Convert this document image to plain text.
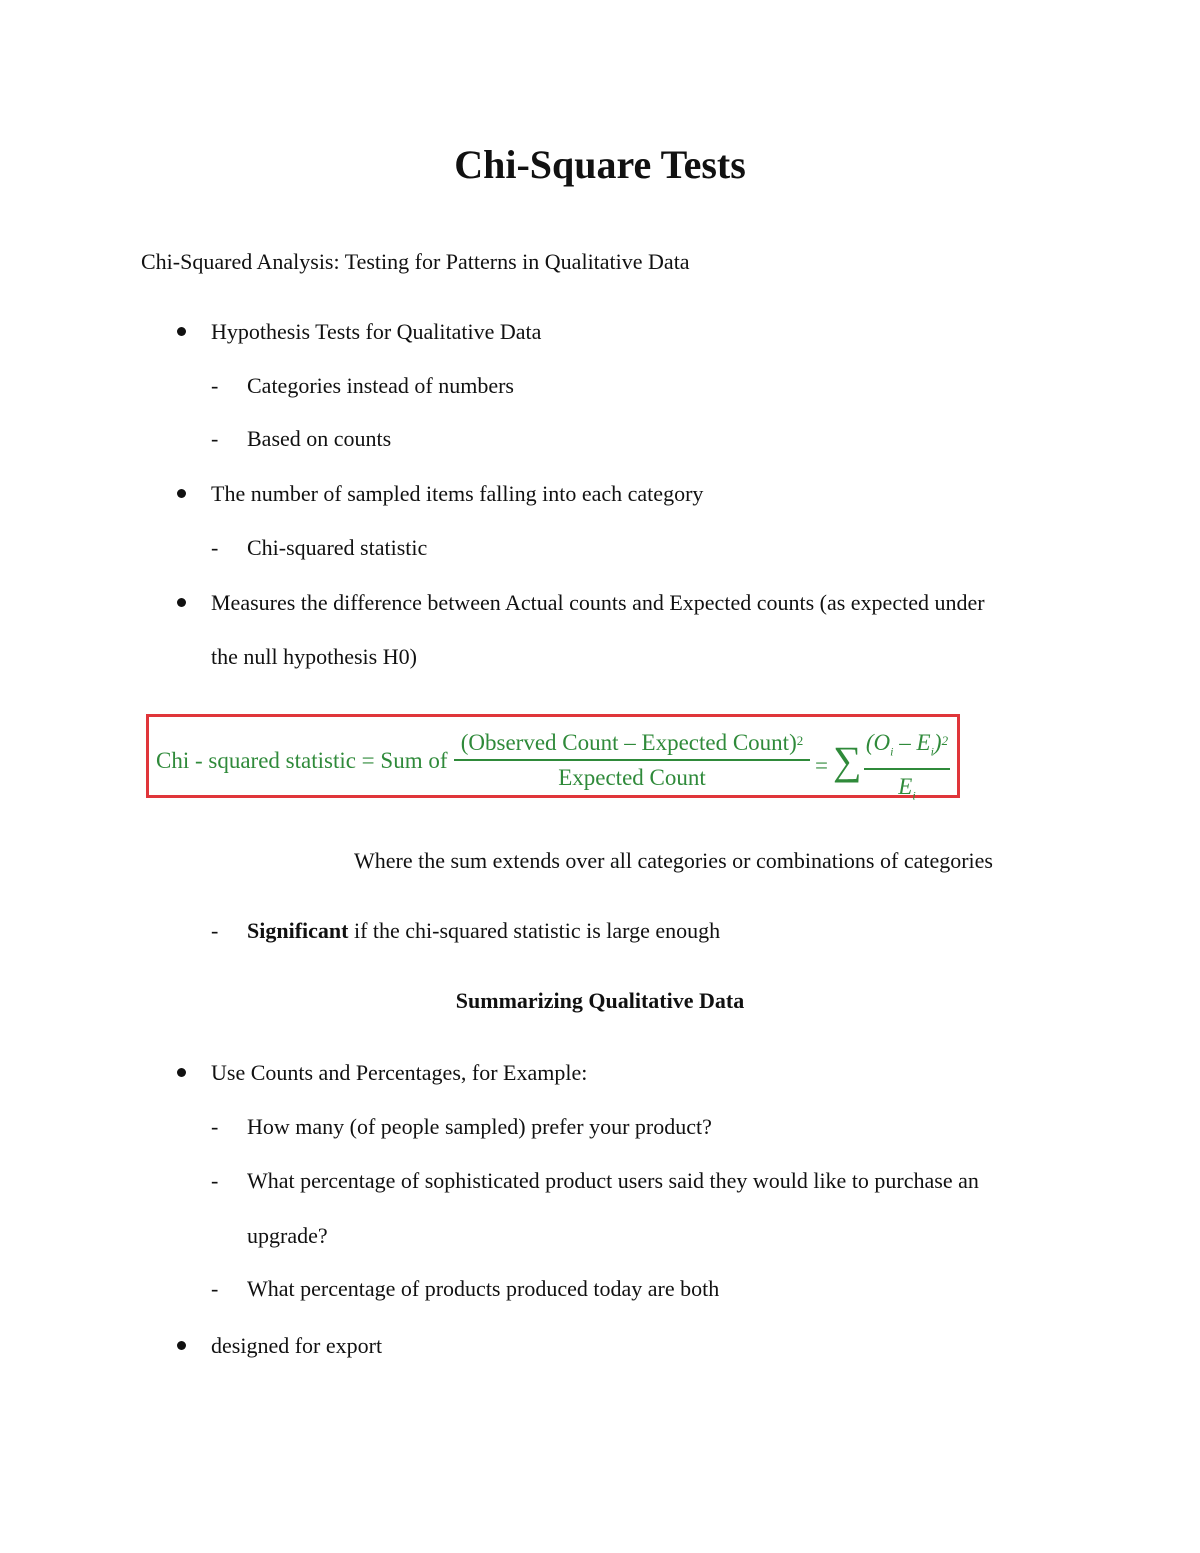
Chi-Square Tests
Chi-Squared Analysis: Testing for Patterns in Qualitative Data
Hypothesis Tests for Qualitative Data
- Categories instead of numbers
- Based on counts
The number of sampled items falling into each category
- Chi-squared statistic
Measures the difference between Actual counts and Expected counts (as expected under
the null hypothesis H0)
Chi - squared statistic = Sum of
(Observed Count – Expected Count)$^2$
Expected Count	= ∑ $(O_i - E_i)^2$
$E_i$
Where the sum extends over all categories or combinations of categories
- Significant if the chi-squared statistic is large enough
Summarizing Qualitative Data
Use Counts and Percentages, for Example:
- How many (of people sampled) prefer your product?
- What percentage of sophisticated product users said they would like to purchase an
upgrade?
- What percentage of products produced today are both
designed for export
